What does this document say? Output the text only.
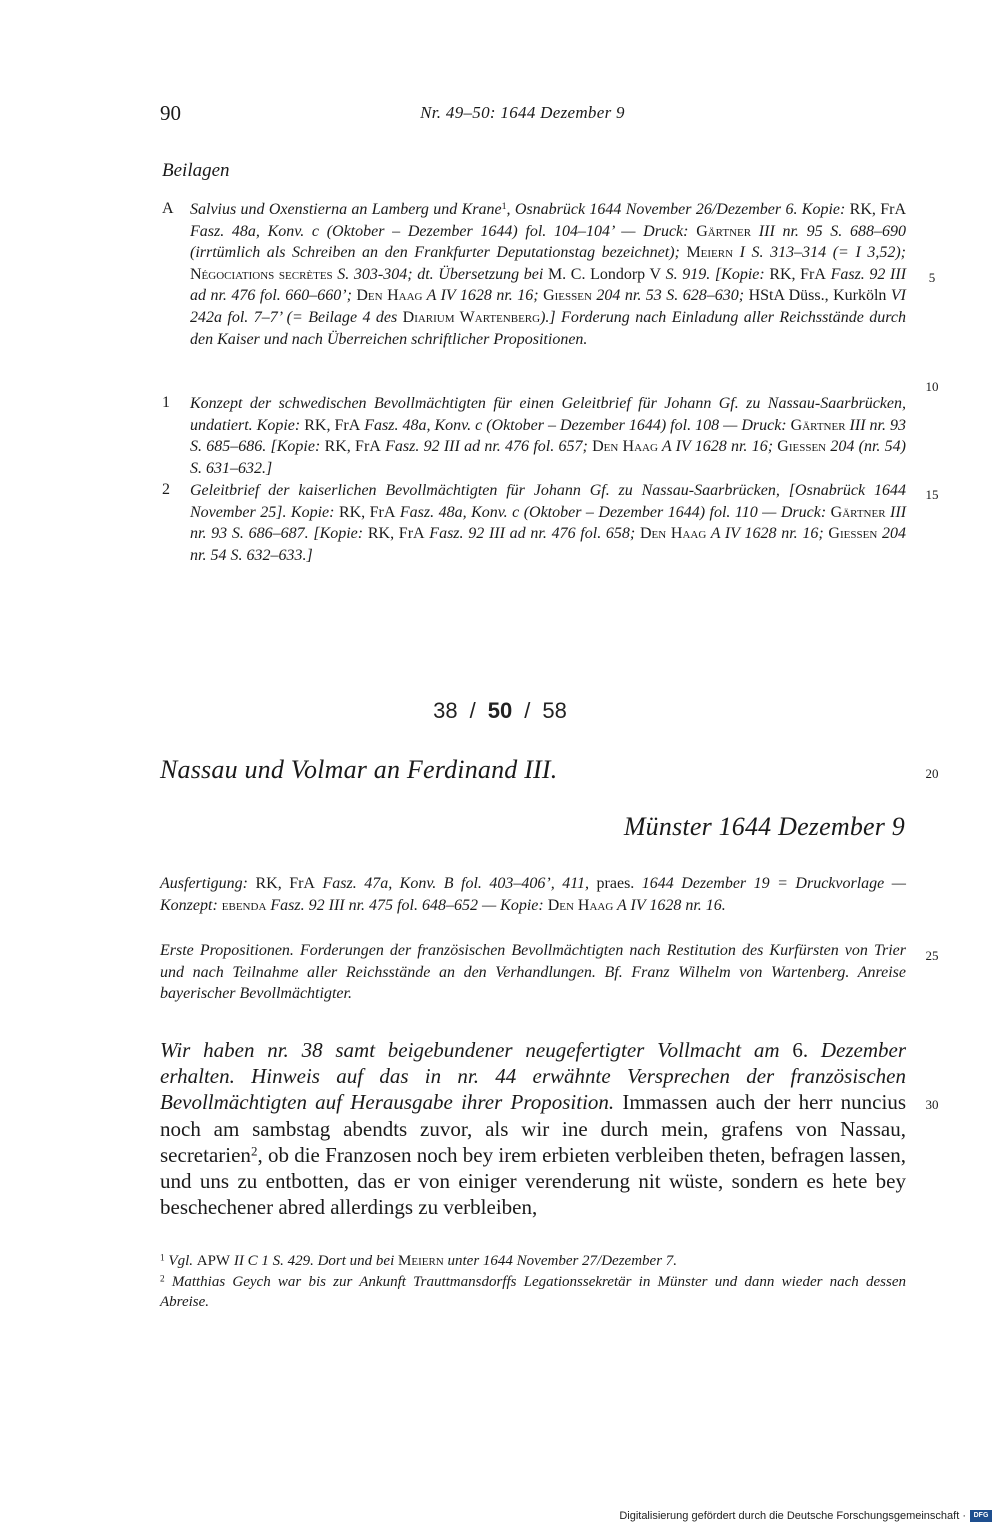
90	Nr. 49–50: 1644 Dezember 9
Beilagen
A Salvius und Oxenstierna an Lamberg und Krane$^1$, Osnabrück 1644 November 26/Dezember 6. Kopie: RK, FrA Fasz. 48a, Konv. c (Oktober – Dezember 1644) fol. 104–104’ — Druck: Gärtner III nr. 95 S. 688–690 (irrtümlich als Schreiben an den Frankfurter Deputationstag bezeichnet); Meiern I S. 313–314 (= I 3,52); Négociations secrètes S. 303-304; dt. Übersetzung bei M. C. Londorp V S. 919. [Kopie: RK, FrA Fasz. 92 III ad nr. 476 fol. 660–660’; Den Haag A IV 1628 nr. 16; Giessen 204 nr. 53 S. 628–630; HStA Düss., Kurköln VI 242a fol. 7–7’ (= Beilage 4 des Diarium Wartenberg).] Forderung nach Einladung aller Reichsstände durch den Kaiser und nach Überreichen schriftlicher Propositionen.
1 Konzept der schwedischen Bevollmächtigten für einen Geleitbrief für Johann Gf. zu Nassau-Saarbrücken, undatiert. Kopie: RK, FrA Fasz. 48a, Konv. c (Oktober – Dezember 1644) fol. 108 — Druck: Gärtner III nr. 93 S. 685–686. [Kopie: RK, FrA Fasz. 92 III ad nr. 476 fol. 657; Den Haag A IV 1628 nr. 16; Giessen 204 (nr. 54) S. 631–632.]
2 Geleitbrief der kaiserlichen Bevollmächtigten für Johann Gf. zu Nassau-Saarbrücken, [Osnabrück 1644 November 25]. Kopie: RK, FrA Fasz. 48a, Konv. c (Oktober – Dezember 1644) fol. 110 — Druck: Gärtner III nr. 93 S. 686–687. [Kopie: RK, FrA Fasz. 92 III ad nr. 476 fol. 658; Den Haag A IV 1628 nr. 16; Giessen 204 nr. 54 S. 632–633.]
5
10
15
20
25
30
38 / 50 / 58
Nassau und Volmar an Ferdinand III.
Münster 1644 Dezember 9
Ausfertigung: RK, FrA Fasz. 47a, Konv. B fol. 403–406’, 411, praes. 1644 Dezember 19 = Druckvorlage — Konzept: ebenda Fasz. 92 III nr. 475 fol. 648–652 — Kopie: Den Haag A IV 1628 nr. 16.
Erste Propositionen. Forderungen der französischen Bevollmächtigten nach Restitution des Kurfürsten von Trier und nach Teilnahme aller Reichsstände an den Verhandlungen. Bf. Franz Wilhelm von Wartenberg. Anreise bayerischer Bevollmächtigter.
Wir haben nr. 38 samt beigebundener neugefertigter Vollmacht am 6. Dezember erhalten. Hinweis auf das in nr. 44 erwähnte Versprechen der französischen Bevollmächtigten auf Herausgabe ihrer Proposition. Immassen auch der herr nuncius noch am sambstag abendts zuvor, als wir ine durch mein, grafens von Nassau, secretarien$^2$, ob die Franzosen noch bey irem erbieten verbleiben theten, befragen lassen, und uns zu entbotten, das er von einiger verenderung nit wüste, sondern es hete bey beschechener abred allerdings zu verbleiben,
$^1$ Vgl. APW II C 1 S. 429. Dort und bei Meiern unter 1644 November 27/Dezember 7.
$^2$ Matthias Geych war bis zur Ankunft Trauttmansdorffs Legationssekretär in Münster und dann wieder nach dessen Abreise.
Digitalisierung gefördert durch die Deutsche Forschungsgemeinschaft ·	DFG
